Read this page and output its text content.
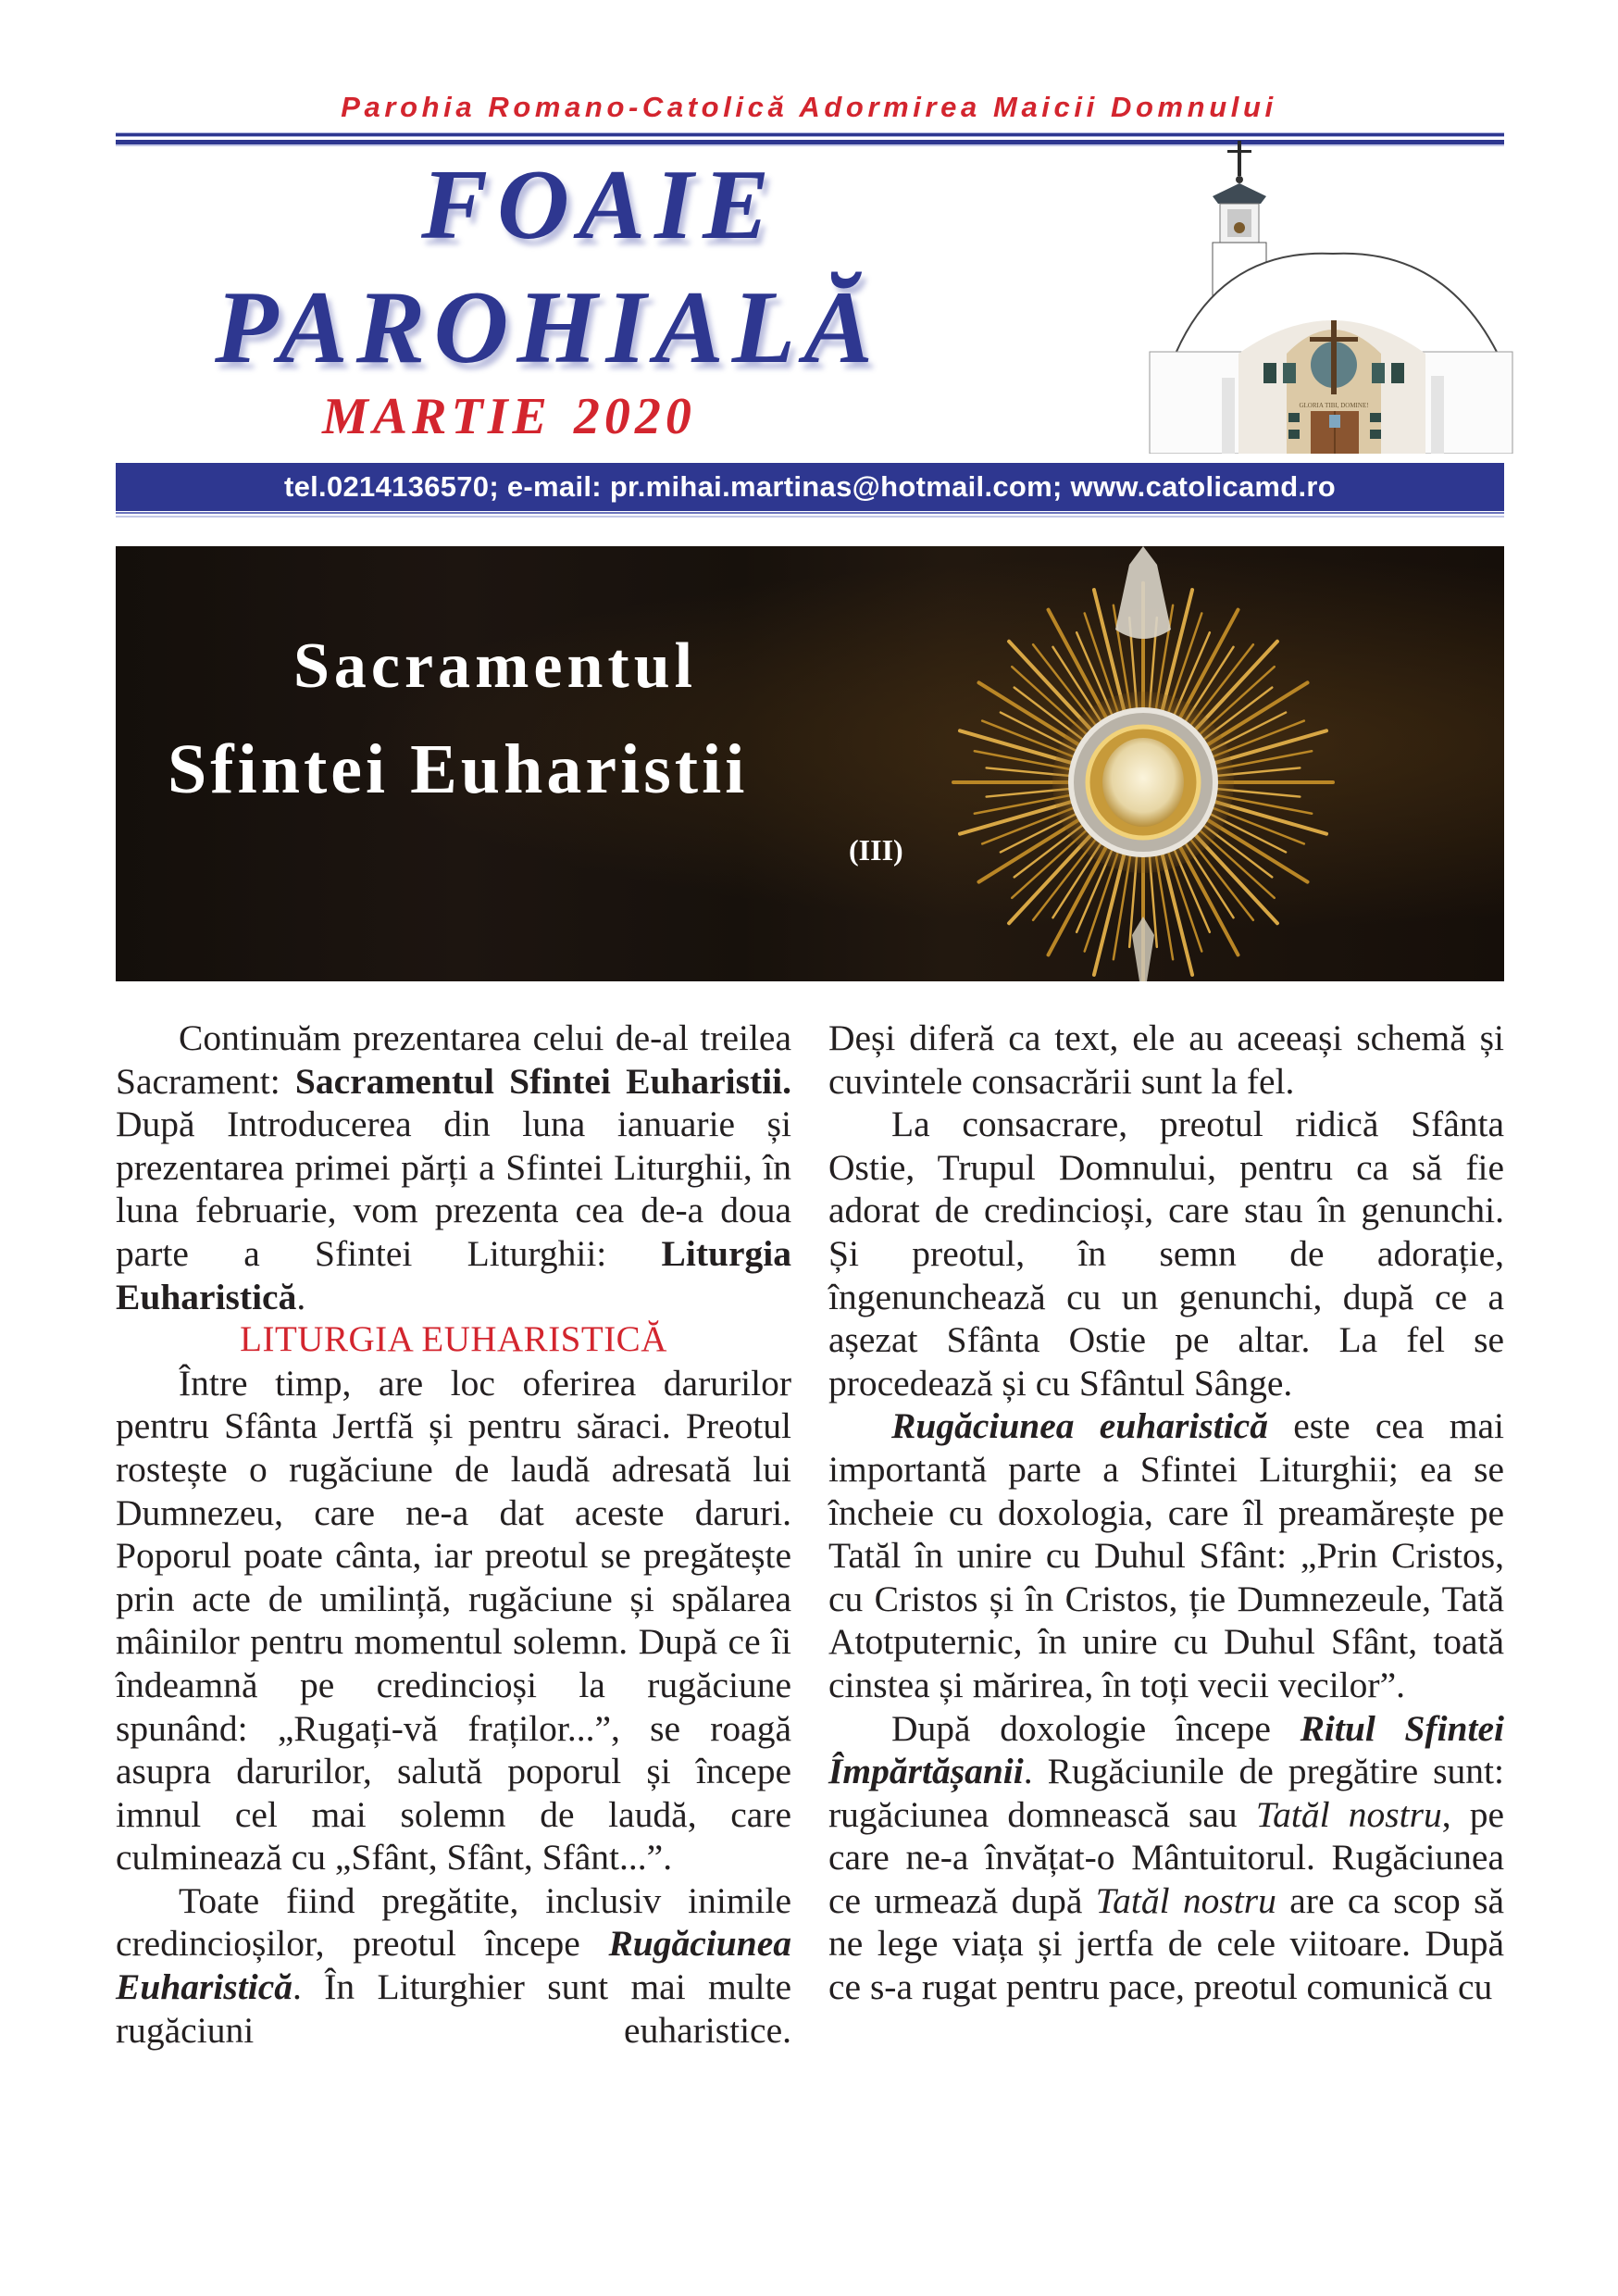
Parohia Romano-Catolică Adormirea Maicii Domnului
FOAIE
PAROHIALĂ
MARTIE 2020	GLORIA TIBI, DOMINE!
tel.0214136570; e-mail: pr.mihai.martinas@hotmail.com; www.catolicamd.ro
Sacramentul
Sfintei Euharistii
(III)

Continuăm prezentarea celui de-al treilea Sacrament: Sacramentul Sfintei Euharistii. După Introducerea din luna ianuarie și prezentarea primei părți a Sfintei Liturghii, în luna februarie, vom prezenta cea de-a doua parte a Sfintei Liturghii: Liturgia Euharistică.

LITURGIA EUHARISTICĂ

Între timp, are loc oferirea darurilor pentru Sfânta Jertfă și pentru săraci. Preotul rostește o rugăciune de laudă adresată lui Dumnezeu, care ne-a dat aceste daruri. Poporul poate cânta, iar preotul se pregătește prin acte de umilință, rugăciune și spălarea mâinilor pentru momentul solemn. După ce îi îndeamnă pe credincioși la rugăciune spunând: „Rugați-vă fraților...”, se roagă asupra darurilor, salută poporul și începe imnul cel mai solemn de laudă, care culminează cu „Sfânt, Sfânt, Sfânt...”.

Toate fiind pregătite, inclusiv inimile credincioșilor, preotul începe Rugăciunea Euharistică. În Liturghier sunt mai multe rugăciuni euharistice.

Deși diferă ca text, ele au aceeași schemă și cuvintele consacrării sunt la fel.

La consacrare, preotul ridică Sfânta Ostie, Trupul Domnului, pentru ca să fie adorat de credincioși, care stau în genunchi. Și preotul, în semn de adorație, îngenunchează cu un genunchi, după ce a așezat Sfânta Ostie pe altar. La fel se procedează și cu Sfântul Sânge.

Rugăciunea euharistică este cea mai importantă parte a Sfintei Liturghii; ea se încheie cu doxologia, care îl preamărește pe Tatăl în unire cu Duhul Sfânt: „Prin Cristos, cu Cristos și în Cristos, ție Dumnezeule, Tată Atotputernic, în unire cu Duhul Sfânt, toată cinstea și mărirea, în toți vecii vecilor”.

După doxologie începe Ritul Sfintei Împărtășanii. Rugăciunile de pregătire sunt: rugăciunea domnească sau Tatăl nostru, pe care ne-a învățat-o Mântuitorul. Rugăciunea ce urmează după Tatăl nostru are ca scop să ne lege viața și jertfa de cele viitoare. După ce s-a rugat pentru pace, preotul comunică cu
